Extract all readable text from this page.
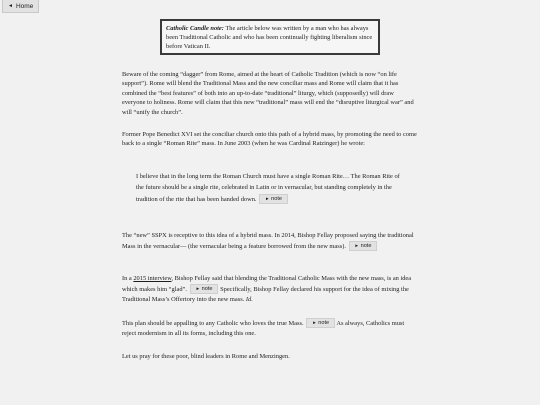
◄ Home
Catholic Candle note: The article below was written by a man who has always been Traditional Catholic and who has been continually fighting liberalism since before Vatican II.
Beware of the coming “dagger” from Rome, aimed at the heart of Catholic Tradition (which is now “on life support”). Rome will blend the Traditional Mass and the new conciliar mass and Rome will claim that it has combined the “best features” of both into an up-to-date “traditional” liturgy, which (supposedly) will draw everyone to holiness. Rome will claim that this new “traditional” mass will end the “disruptive liturgical war” and will “unify the church”.
Former Pope Benedict XVI set the conciliar church onto this path of a hybrid mass, by promoting the need to come back to a single “Roman Rite” mass. In June 2003 (when he was Cardinal Ratzinger) he wrote:
I believe that in the long term the Roman Church must have a single Roman Rite… The Roman Rite of the future should be a single rite, celebrated in Latin or in vernacular, but standing completely in the tradition of the rite that has been handed down. ► note
The “new” SSPX is receptive to this idea of a hybrid mass. In 2014, Bishop Fellay proposed saying the traditional Mass in the vernacular— (the vernacular being a feature borrowed from the new mass). ► note
In a 2015 interview, Bishop Fellay said that blending the Traditional Catholic Mass with the new mass, is an idea which makes him “glad”. ► note Specifically, Bishop Fellay declared his support for the idea of mixing the Traditional Mass’s Offertory into the new mass. Id.
This plan should be appalling to any Catholic who loves the true Mass. ► note As always, Catholics must reject modernism in all its forms, including this one.
Let us pray for these poor, blind leaders in Rome and Menzingen.
